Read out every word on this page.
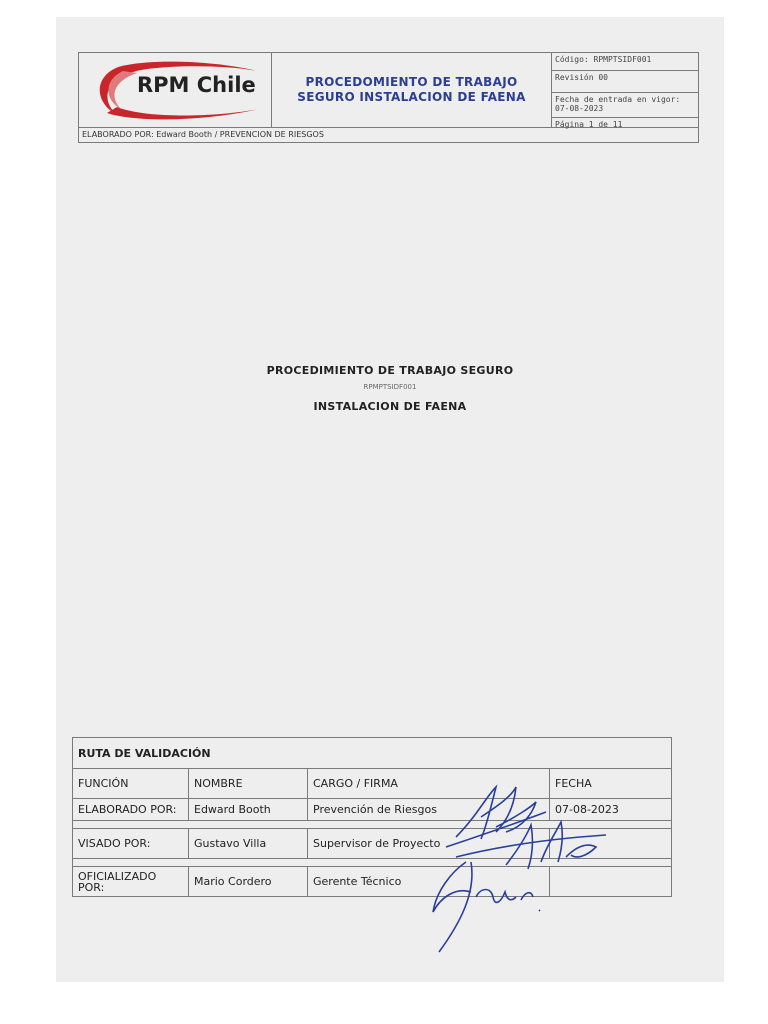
RPM Chile	PROCEDOMIENTO DE TRABAJO
SEGURO INSTALACION DE FAENA
Código: RPMPTSIDF001
Revisión 00
Fecha de entrada en vigor:
07-08-2023
Página 1 de 11
ELABORADO POR: Edward Booth / PREVENCION DE RIESGOS
PROCEDIMIENTO DE TRABAJO SEGURO
RPMPTSIDF001
INSTALACION DE FAENA
RUTA DE VALIDACIÓN			
FUNCIÓN	NOMBRE	CARGO / FIRMA	FECHA
ELABORADO POR:	Edward Booth	Prevención de Riesgos	07-08-2023

VISADO POR:	Gustavo Villa	Supervisor de Proyecto	

OFICIALIZADO POR:	Mario Cordero	Gerente Técnico	
